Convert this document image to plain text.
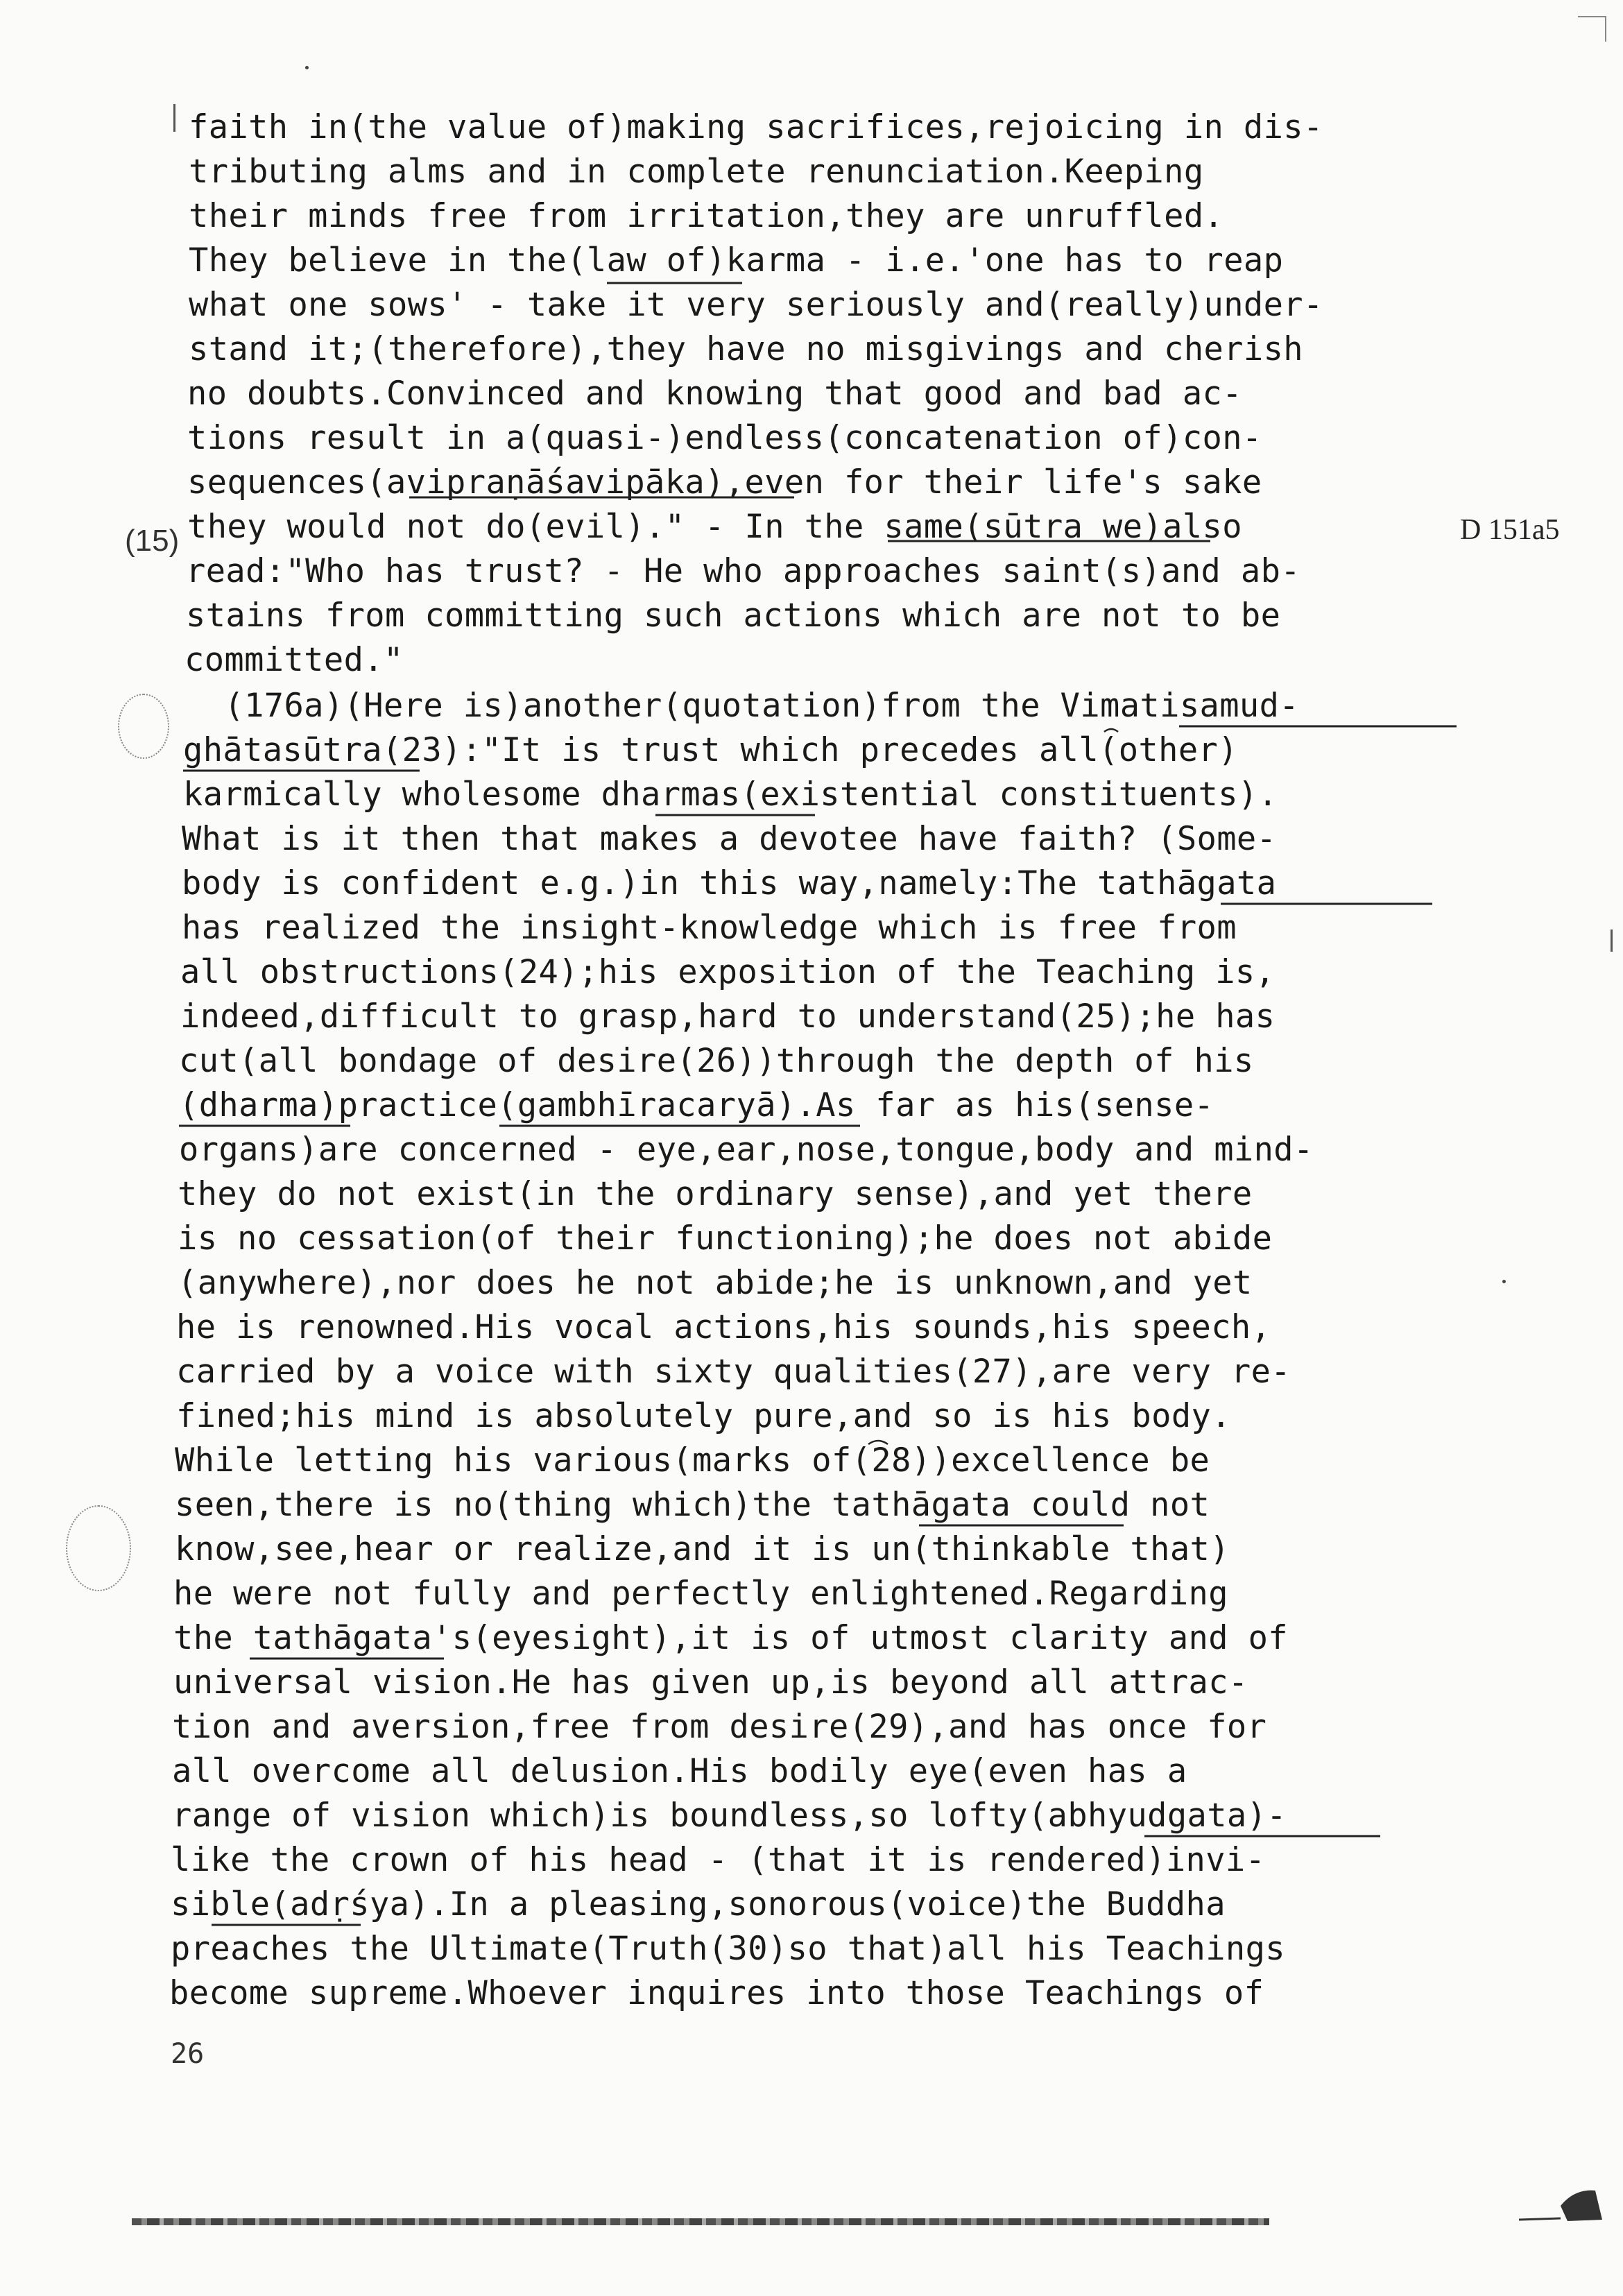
(15)	D 151a5
faith in(the value of)making sacrifices,rejoicing in dis-
tributing alms and in complete renunciation.Keeping
their minds free from irritation,they are unruffled.
They believe in the(law of)karma - i.e.'one has to reap
what one sows' - take it very seriously and(really)under-
stand it;(therefore),they have no misgivings and cherish
no doubts.Convinced and knowing that good and bad ac-
tions result in a(quasi-)endless(concatenation of)con-
sequences(avipraṇāśavipāka),even for their life's sake
they would not do(evil)." - In the same(sūtra we)also
read:"Who has trust? - He who approaches saint(s)and ab-
stains from committing such actions which are not to be
committed."
(176a)(Here is)another(quotation)from the Vimatisamud-
ghātasūtra(23):"It is trust which precedes all(other)
karmically wholesome dharmas(existential constituents).
What is it then that makes a devotee have faith? (Some-
body is confident e.g.)in this way,namely:The tathāgata
has realized the insight-knowledge which is free from
all obstructions(24);his exposition of the Teaching is,
indeed,difficult to grasp,hard to understand(25);he has
cut(all bondage of desire(26))through the depth of his
(dharma)practice(gambhīracaryā).As far as his(sense-
organs)are concerned - eye,ear,nose,tongue,body and mind-
they do not exist(in the ordinary sense),and yet there
is no cessation(of their functioning);he does not abide
(anywhere),nor does he not abide;he is unknown,and yet
he is renowned.His vocal actions,his sounds,his speech,
carried by a voice with sixty qualities(27),are very re-
fined;his mind is absolutely pure,and so is his body.
While letting his various(marks of(28))excellence be
seen,there is no(thing which)the tathāgata could not
know,see,hear or realize,and it is un(thinkable that)
he were not fully and perfectly enlightened.Regarding
the tathāgata's(eyesight),it is of utmost clarity and of
universal vision.He has given up,is beyond all attrac-
tion and aversion,free from desire(29),and has once for
all overcome all delusion.His bodily eye(even has a
range of vision which)is boundless,so lofty(abhyudgata)-
like the crown of his head - (that it is rendered)invi-
sible(adṛśya).In a pleasing,sonorous(voice)the Buddha
preaches the Ultimate(Truth(30)so that)all his Teachings
become supreme.Whoever inquires into those Teachings of
26
